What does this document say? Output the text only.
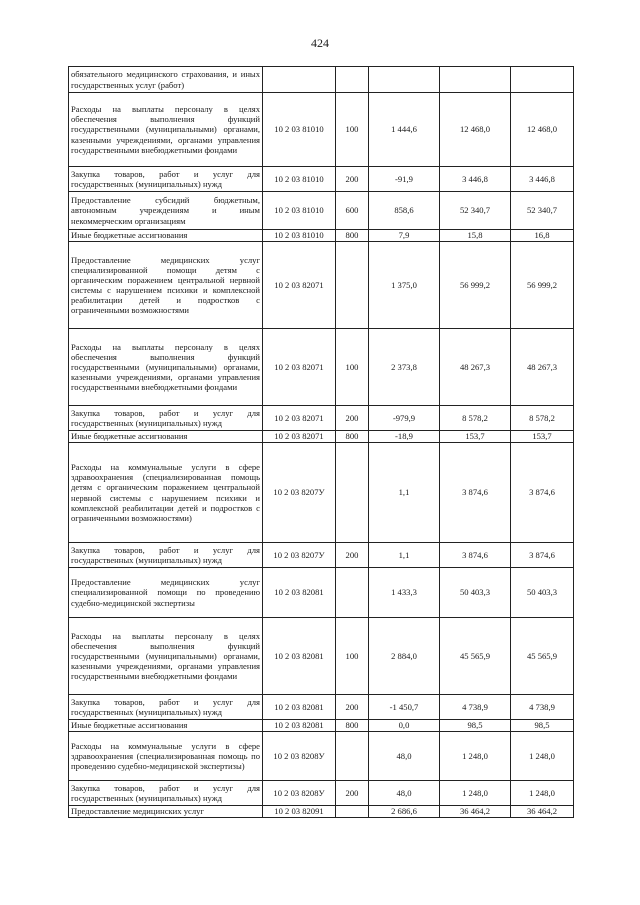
424
обязательного медицинского страхования, и иных государственных услуг (работ)					
Расходы на выплаты персоналу в целях обеспечения выполнения функций государственными (муниципальными) органами, казенными учреждениями, органами управления государственными внебюджетными фондами	10 2 03 81010	100	1 444,6	12 468,0	12 468,0
Закупка товаров, работ и услуг для государственных (муниципальных) нужд	10 2 03 81010	200	-91,9	3 446,8	3 446,8
Предоставление субсидий бюджетным, автономным учреждениям и иным некоммерческим организациям	10 2 03 81010	600	858,6	52 340,7	52 340,7
Иные бюджетные ассигнования	10 2 03 81010	800	7,9	15,8	16,8
Предоставление медицинских услуг специализированной помощи детям с органическим поражением центральной нервной системы с нарушением психики и комплексной реабилитации детей и подростков с ограниченными возможностями	10 2 03 82071		1 375,0	56 999,2	56 999,2
Расходы на выплаты персоналу в целях обеспечения выполнения функций государственными (муниципальными) органами, казенными учреждениями, органами управления государственными внебюджетными фондами	10 2 03 82071	100	2 373,8	48 267,3	48 267,3
Закупка товаров, работ и услуг для государственных (муниципальных) нужд	10 2 03 82071	200	-979,9	8 578,2	8 578,2
Иные бюджетные ассигнования	10 2 03 82071	800	-18,9	153,7	153,7
Расходы на коммунальные услуги в сфере здравоохранения (специализированная помощь детям с органическим поражением центральной нервной системы с нарушением психики и комплексной реабилитации детей и подростков с ограниченными возможностями)	10 2 03 8207У		1,1	3 874,6	3 874,6
Закупка товаров, работ и услуг для государственных (муниципальных) нужд	10 2 03 8207У	200	1,1	3 874,6	3 874,6
Предоставление медицинских услуг специализированной помощи по проведению судебно-медицинской экспертизы	10 2 03 82081		1 433,3	50 403,3	50 403,3
Расходы на выплаты персоналу в целях обеспечения выполнения функций государственными (муниципальными) органами, казенными учреждениями, органами управления государственными внебюджетными фондами	10 2 03 82081	100	2 884,0	45 565,9	45 565,9
Закупка товаров, работ и услуг для государственных (муниципальных) нужд	10 2 03 82081	200	-1 450,7	4 738,9	4 738,9
Иные бюджетные ассигнования	10 2 03 82081	800	0,0	98,5	98,5
Расходы на коммунальные услуги в сфере здравоохранения (специализированная помощь по проведению судебно-медицинской экспертизы)	10 2 03 8208У		48,0	1 248,0	1 248,0
Закупка товаров, работ и услуг для государственных (муниципальных) нужд	10 2 03 8208У	200	48,0	1 248,0	1 248,0
Предоставление медицинских услуг	10 2 03 82091		2 686,6	36 464,2	36 464,2
